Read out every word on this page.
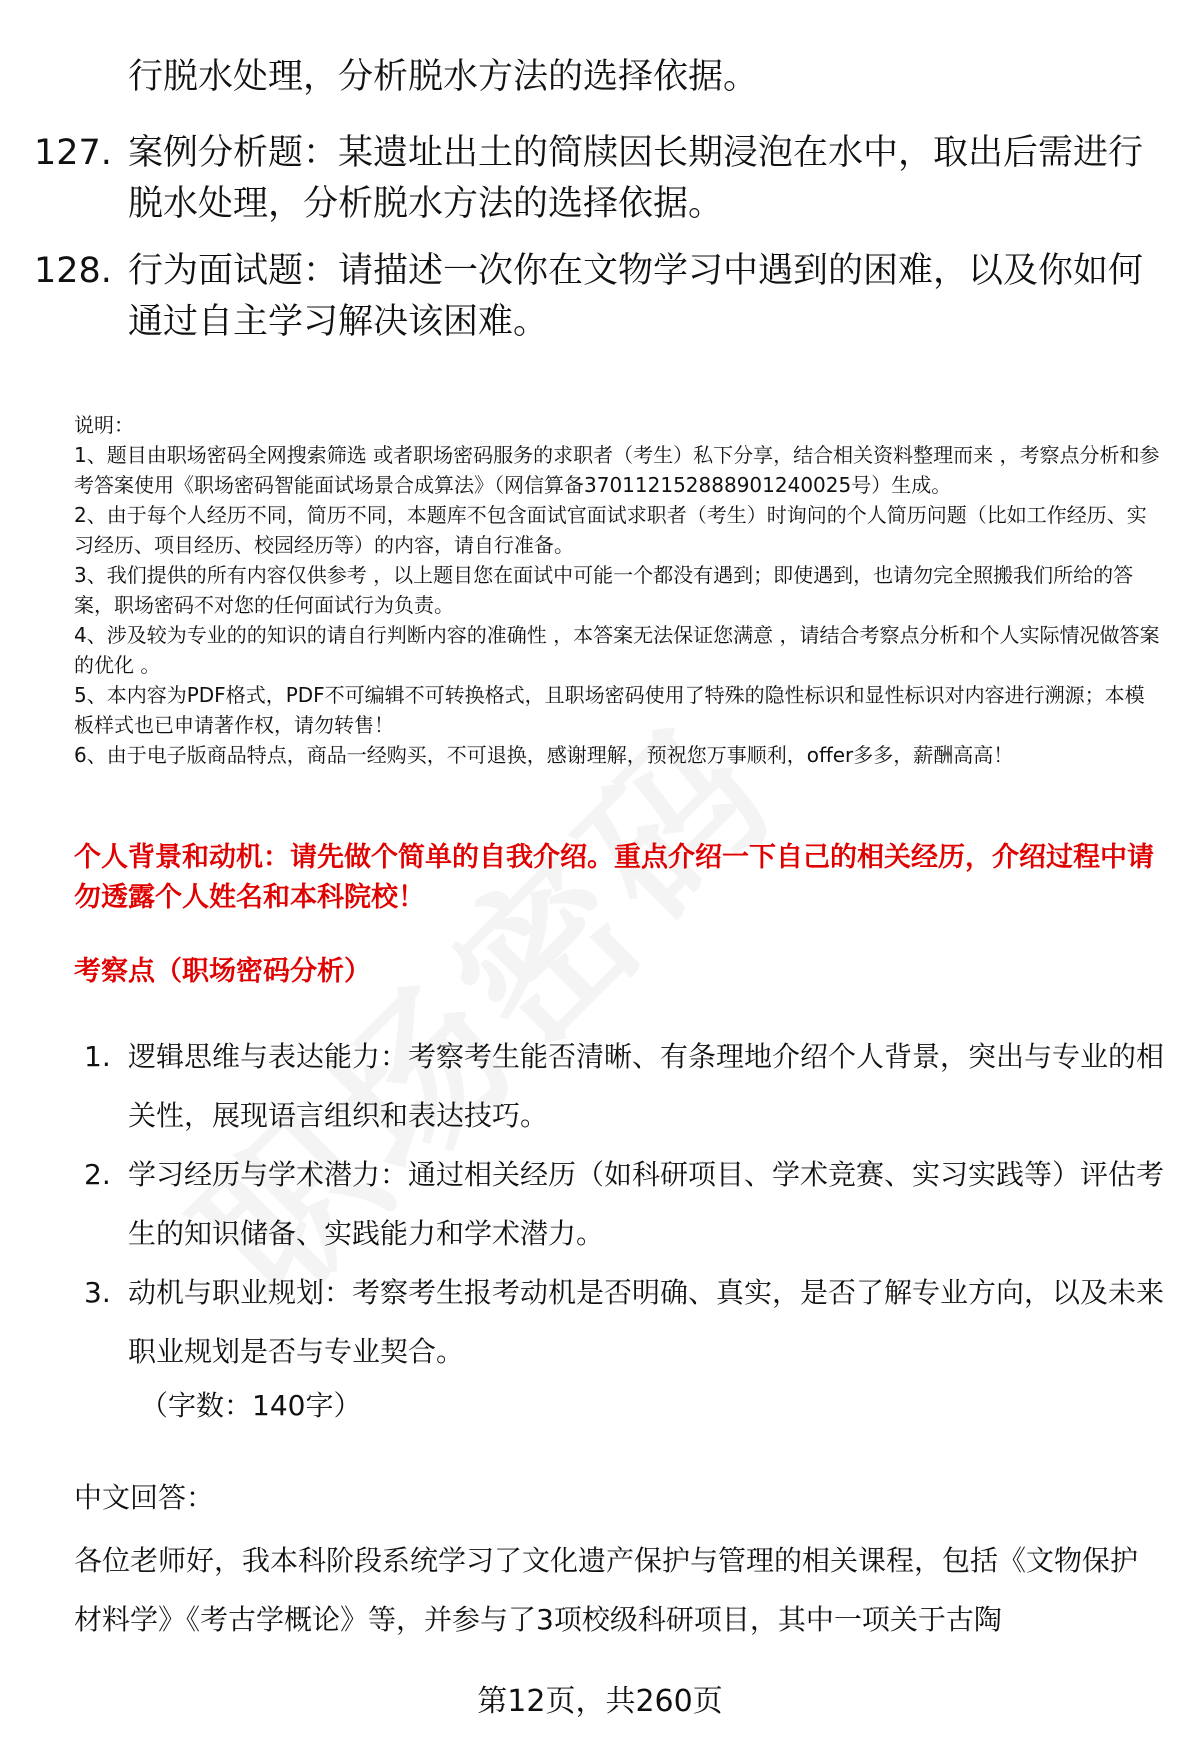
行脱水处理，分析脱水方法的选择依据。
127. 案例分析题：某遗址出土的简牍因长期浸泡在水中，取出后需进行脱水处理，分析脱水方法的选择依据。
128. 行为面试题：请描述一次你在文物学习中遇到的困难，以及你如何通过自主学习解决该困难。
说明：
1、题目由职场密码全网搜索筛选 或者职场密码服务的求职者（考生）私下分享，结合相关资料整理而来 ，考察点分析和参考答案使用《职场密码智能面试场景合成算法》（网信算备370112152888901240025号）生成。
2、由于每个人经历不同，简历不同，本题库不包含面试官面试求职者（考生）时询问的个人简历问题（比如工作经历、实习经历、项目经历、校园经历等）的内容，请自行准备。
3、我们提供的所有内容仅供参考 ，以上题目您在面试中可能一个都没有遇到；即使遇到，也请勿完全照搬我们所给的答案，职场密码不对您的任何面试行为负责。
4、涉及较为专业的的知识的请自行判断内容的准确性 ，本答案无法保证您满意 ，请结合考察点分析和个人实际情况做答案的优化 。
5、本内容为PDF格式，PDF不可编辑不可转换格式，且职场密码使用了特殊的隐性标识和显性标识对内容进行溯源；本模板样式也已申请著作权，请勿转售！
6、由于电子版商品特点，商品一经购买，不可退换，感谢理解，预祝您万事顺利，offer多多，薪酬高高！
个人背景和动机：请先做个简单的自我介绍。重点介绍一下自己的相关经历，介绍过程中请勿透露个人姓名和本科院校！
考察点（职场密码分析）
1. 逻辑思维与表达能力：考察考生能否清晰、有条理地介绍个人背景，突出与专业的相关性，展现语言组织和表达技巧。
2. 学习经历与学术潜力：通过相关经历（如科研项目、学术竞赛、实习实践等）评估考生的知识储备、实践能力和学术潜力。
3. 动机与职业规划：考察考生报考动机是否明确、真实，是否了解专业方向，以及未来职业规划是否与专业契合。
（字数：140字）
中文回答：
各位老师好，我本科阶段系统学习了文化遗产保护与管理的相关课程，包括《文物保护材料学》《考古学概论》等，并参与了3项校级科研项目，其中一项关于古陶
第12页，共260页
